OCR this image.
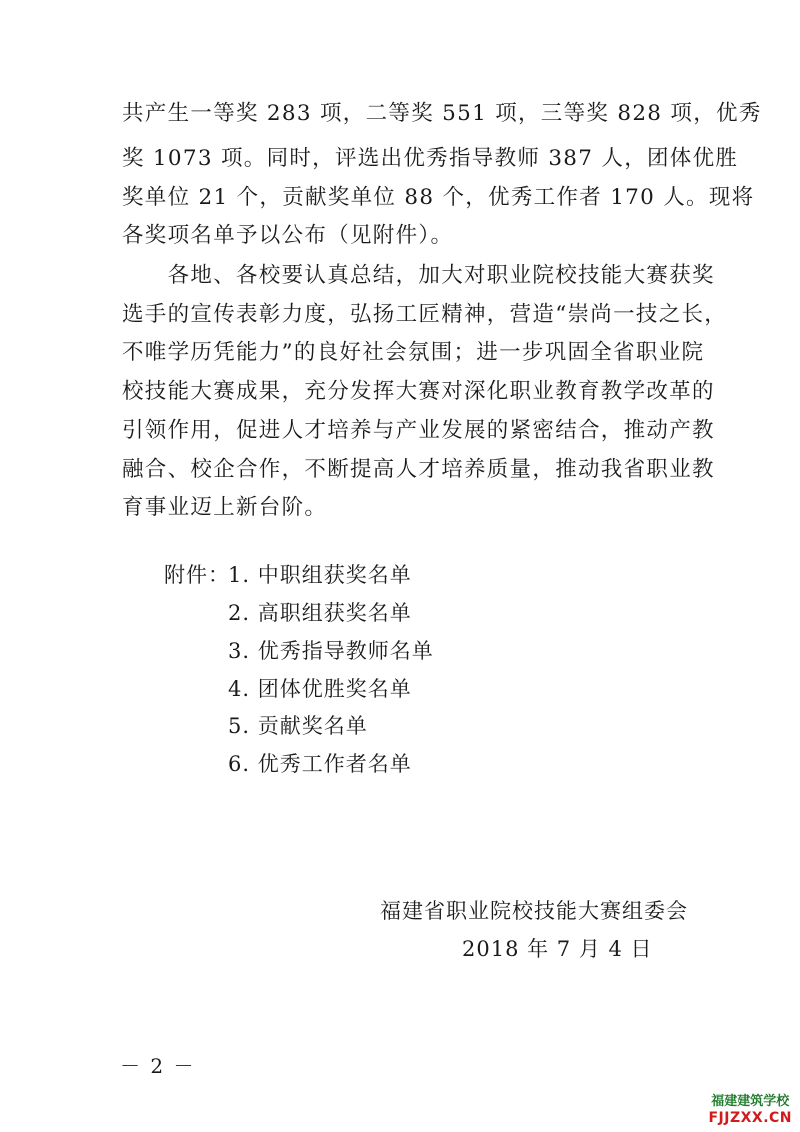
共产生一等奖 283 项，二等奖 551 项，三等奖 828 项，优秀
奖 1073 项。同时，评选出优秀指导教师 387 人，团体优胜
奖单位 21 个，贡献奖单位 88 个，优秀工作者 170 人。现将
各奖项名单予以公布（见附件）。
　　各地、各校要认真总结，加大对职业院校技能大赛获奖
选手的宣传表彰力度，弘扬工匠精神，营造“崇尚一技之长，
不唯学历凭能力”的良好社会氛围；进一步巩固全省职业院
校技能大赛成果，充分发挥大赛对深化职业教育教学改革的
引领作用，促进人才培养与产业发展的紧密结合，推动产教
融合、校企合作，不断提高人才培养质量，推动我省职业教
育事业迈上新台阶。
附件：
1. 中职组获奖名单
2. 高职组获奖名单
3. 优秀指导教师名单
4. 团体优胜奖名单
5. 贡献奖名单
6. 优秀工作者名单
福建省职业院校技能大赛组委会
2018 年 7 月 4 日
－ 2 －
福建建筑学校
FJJZXX.CN
